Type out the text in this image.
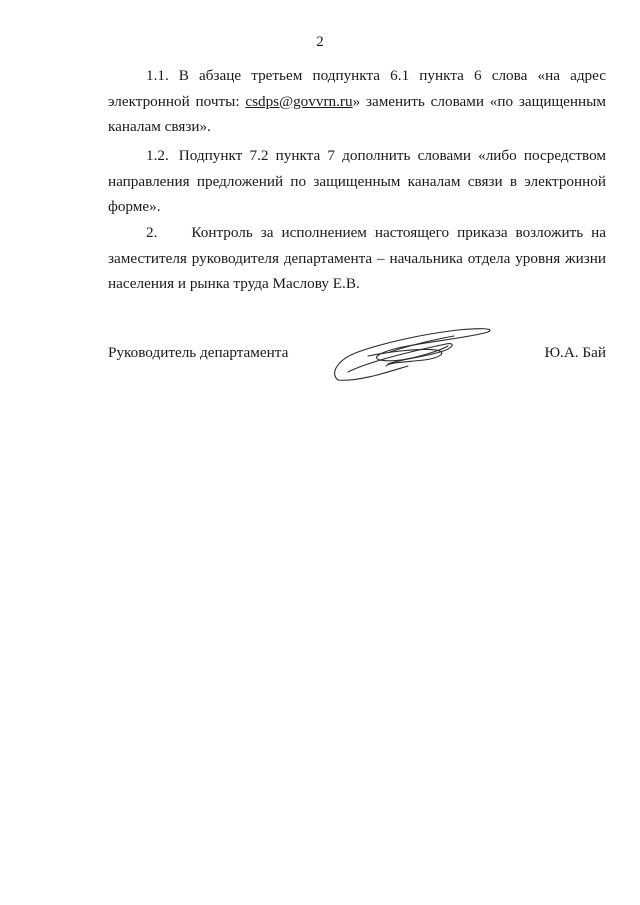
2

1.1. В абзаце третьем подпункта 6.1 пункта 6 слова «на адрес электронной почты: csdps@govvrn.ru» заменить словами «по защищенным каналам связи».

1.2. Подпункт 7.2 пункта 7 дополнить словами «либо посредством направления предложений по защищенным каналам связи в электронной форме».

2. Контроль за исполнением настоящего приказа возложить на заместителя руководителя департамента – начальника отдела уровня жизни населения и рынка труда Маслову Е.В.

Руководитель департамента	Ю.А. Бай
